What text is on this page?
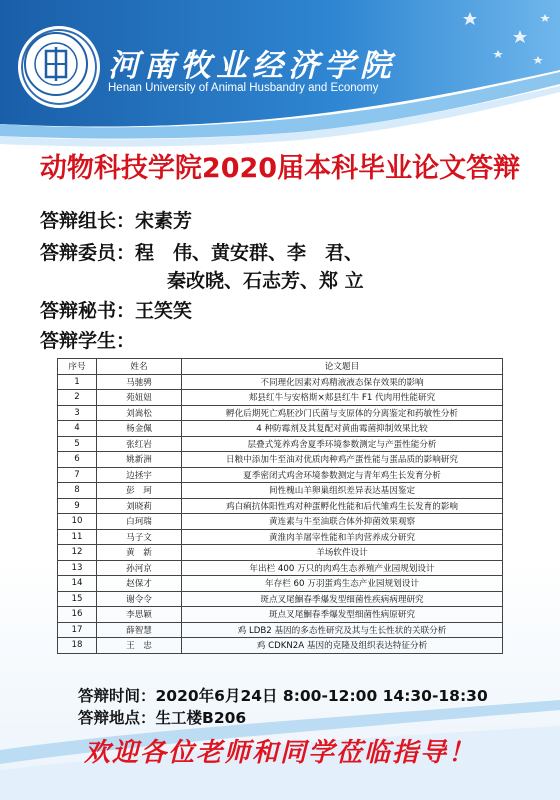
河南牧业经济学院
Henan University of Animal Husbandry and Economy
动物科技学院2020届本科毕业论文答辩
答辩组长：宋素芳
答辩委员：程　伟、黄安群、李　君、
秦改晓、石志芳、郑 立
答辩秘书：王笑笑
答辩学生：
序号	姓名	论文题目
1	马驰骋	不同理化因素对鸡精液液态保存效果的影响
2	苑妞妞	郏县红牛与安格斯×郏县红牛 F1 代肉用性能研究
3	刘嵩松	孵化后期死亡鸡胚沙门氏菌与支原体的分离鉴定和药敏性分析
4	杨金佩	4 种防霉剂及其复配对黄曲霉菌抑制效果比较
5	张红岩	层叠式笼养鸡舍夏季环境参数测定与产蛋性能分析
6	姚新洲	日粮中添加牛至油对优质肉种鸡产蛋性能与蛋品质的影响研究
7	边拯宇	夏季密闭式鸡舍环境参数测定与青年鸡生长发育分析
8	彭　珂	间性槐山羊卵巢组织差异表达基因鉴定
9	刘晓莉	鸡白痢抗体阳性鸡对种蛋孵化性能和后代雏鸡生长发育的影响
10	白珂瑞	黄连素与牛至油联合体外抑菌效果观察
11	马子文	黄淮肉羊屠宰性能和羊肉营养成分研究
12	黄　新	羊场软件设计
13	孙河京	年出栏 400 万只的肉鸡生态养殖产业园规划设计
14	赵保才	年存栏 60 万羽蛋鸡生态产业园规划设计
15	谢令令	斑点叉尾鮰春季爆发型细菌性疾病病理研究
16	李思颖	斑点叉尾鮰春季爆发型细菌性病原研究
17	薛智慧	鸡 LDB2 基因的多态性研究及其与生长性状的关联分析
18	王　忠	鸡 CDKN2A 基因的克隆及组织表达特征分析
答辩时间：2020年6月24日 8:00-12:00 14:30-18:30
答辩地点：生工楼B206
欢迎各位老师和同学莅临指导！
